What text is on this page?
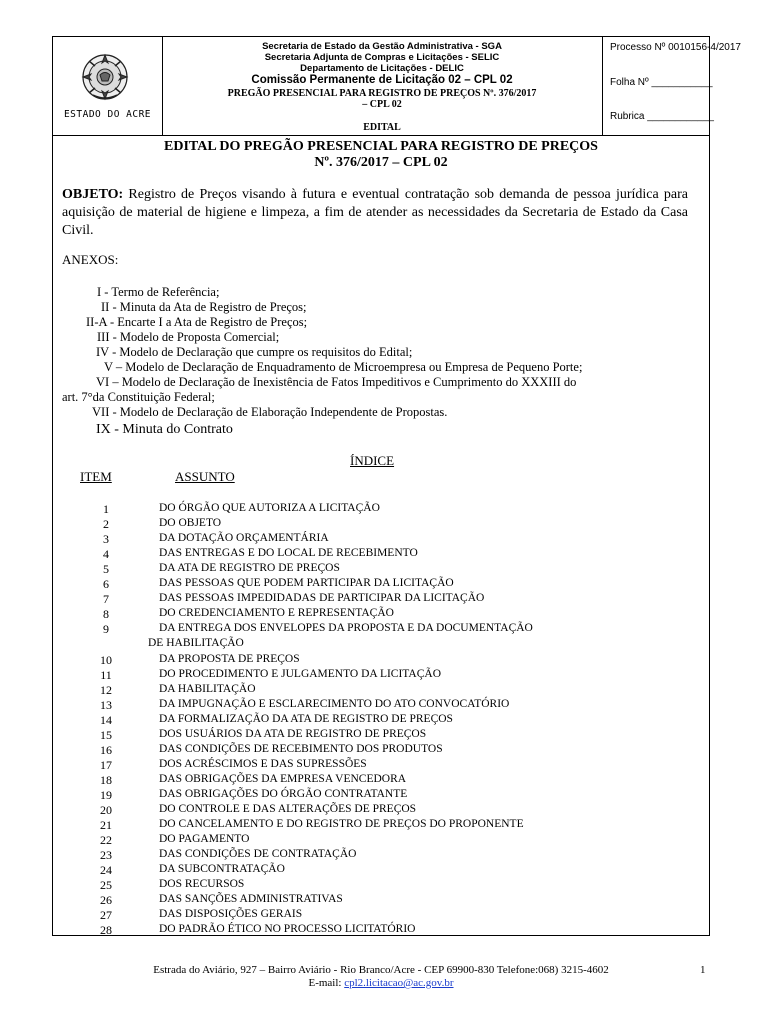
ESTADO DO ACRE
Secretaria de Estado da Gestão Administrativa - SGA
Secretaria Adjunta de Compras e Licitações - SELIC
Departamento de Licitações - DELIC
Comissão Permanente de Licitação 02 – CPL 02
PREGÃO PRESENCIAL PARA REGISTRO DE PREÇOS Nº. 376/2017
– CPL 02
EDITAL
Processo Nº 0010156-4/2017
Folha Nº ___________
Rubrica ____________
EDITAL DO PREGÃO PRESENCIAL PARA REGISTRO DE PREÇOS
Nº. 376/2017 – CPL 02
OBJETO: Registro de Preços visando à futura e eventual contratação sob demanda de pessoa jurídica para aquisição de material de higiene e limpeza, a fim de atender as necessidades da Secretaria de Estado da Casa Civil.
ANEXOS:
I - Termo de Referência;
II - Minuta da Ata de Registro de Preços;
II-A - Encarte I a Ata de Registro de Preços;
III - Modelo de Proposta Comercial;
IV - Modelo de Declaração que cumpre os requisitos do Edital;
V – Modelo de Declaração de Enquadramento de Microempresa ou Empresa de Pequeno Porte;
VI – Modelo de Declaração de Inexistência de Fatos Impeditivos e Cumprimento do XXXIII do
art. 7°da Constituição Federal;
VII - Modelo de Declaração de Elaboração Independente de Propostas.
IX - Minuta do Contrato
ÍNDICE
ITEM	ASSUNTO
1	DO ÓRGÃO QUE AUTORIZA A LICITAÇÃO
2	DO OBJETO
3	DA DOTAÇÃO ORÇAMENTÁRIA
4	DAS ENTREGAS E DO LOCAL DE RECEBIMENTO
5	DA ATA DE REGISTRO DE PREÇOS
6	DAS PESSOAS QUE PODEM PARTICIPAR DA LICITAÇÃO
7	DAS PESSOAS IMPEDIDADAS DE PARTICIPAR DA LICITAÇÃO
8	DO CREDENCIAMENTO E REPRESENTAÇÃO
9	DA ENTREGA DOS ENVELOPES DA PROPOSTA E DA DOCUMENTAÇÃO
DE HABILITAÇÃO
10	DA PROPOSTA DE PREÇOS
11	DO PROCEDIMENTO E JULGAMENTO DA LICITAÇÃO
12	DA HABILITAÇÃO
13	DA IMPUGNAÇÃO E ESCLARECIMENTO DO ATO CONVOCATÓRIO
14	DA FORMALIZAÇÃO DA ATA DE REGISTRO DE PREÇOS
15	DOS USUÁRIOS DA ATA DE REGISTRO DE PREÇOS
16	DAS CONDIÇÕES DE RECEBIMENTO DOS PRODUTOS
17	DOS ACRÉSCIMOS E DAS SUPRESSÕES
18	DAS OBRIGAÇÕES DA EMPRESA VENCEDORA
19	DAS OBRIGAÇÕES DO ÓRGÃO CONTRATANTE
20	DO CONTROLE E DAS ALTERAÇÕES DE PREÇOS
21	DO CANCELAMENTO E DO REGISTRO DE PREÇOS DO PROPONENTE
22	DO PAGAMENTO
23	DAS CONDIÇÕES DE CONTRATAÇÃO
24	DA SUBCONTRATAÇÃO
25	DOS RECURSOS
26	DAS SANÇÕES ADMINISTRATIVAS
27	DAS DISPOSIÇÕES GERAIS
28	DO PADRÃO ÉTICO NO PROCESSO LICITATÓRIO
Estrada do Aviário, 927 – Bairro Aviário - Rio Branco/Acre - CEP 69900-830 Telefone:068) 3215-4602
E-mail: cpl2.licitacao@ac.gov.br
1
